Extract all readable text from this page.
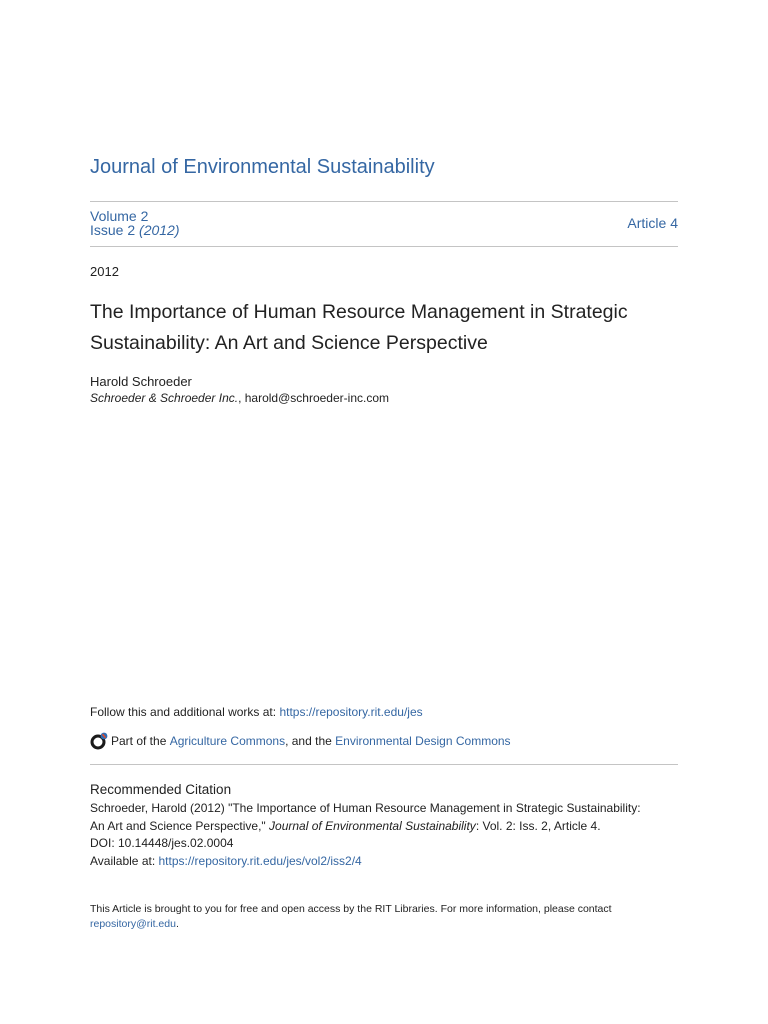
Journal of Environmental Sustainability
Volume 2
Issue 2 (2012)	Article 4
2012
The Importance of Human Resource Management in Strategic Sustainability: An Art and Science Perspective
Harold Schroeder
Schroeder & Schroeder Inc., harold@schroeder-inc.com
Follow this and additional works at: https://repository.rit.edu/jes
Part of the
Agriculture Commons , and the Environmental Design Commons
Recommended Citation
Schroeder, Harold (2012) "The Importance of Human Resource Management in Strategic Sustainability:
An Art and Science Perspective," Journal of Environmental Sustainability: Vol. 2: Iss. 2, Article 4.
DOI: 10.14448/jes.02.0004
Available at: https://repository.rit.edu/jes/vol2/iss2/4
This Article is brought to you for free and open access by the RIT Libraries. For more information, please contact
repository@rit.edu.
